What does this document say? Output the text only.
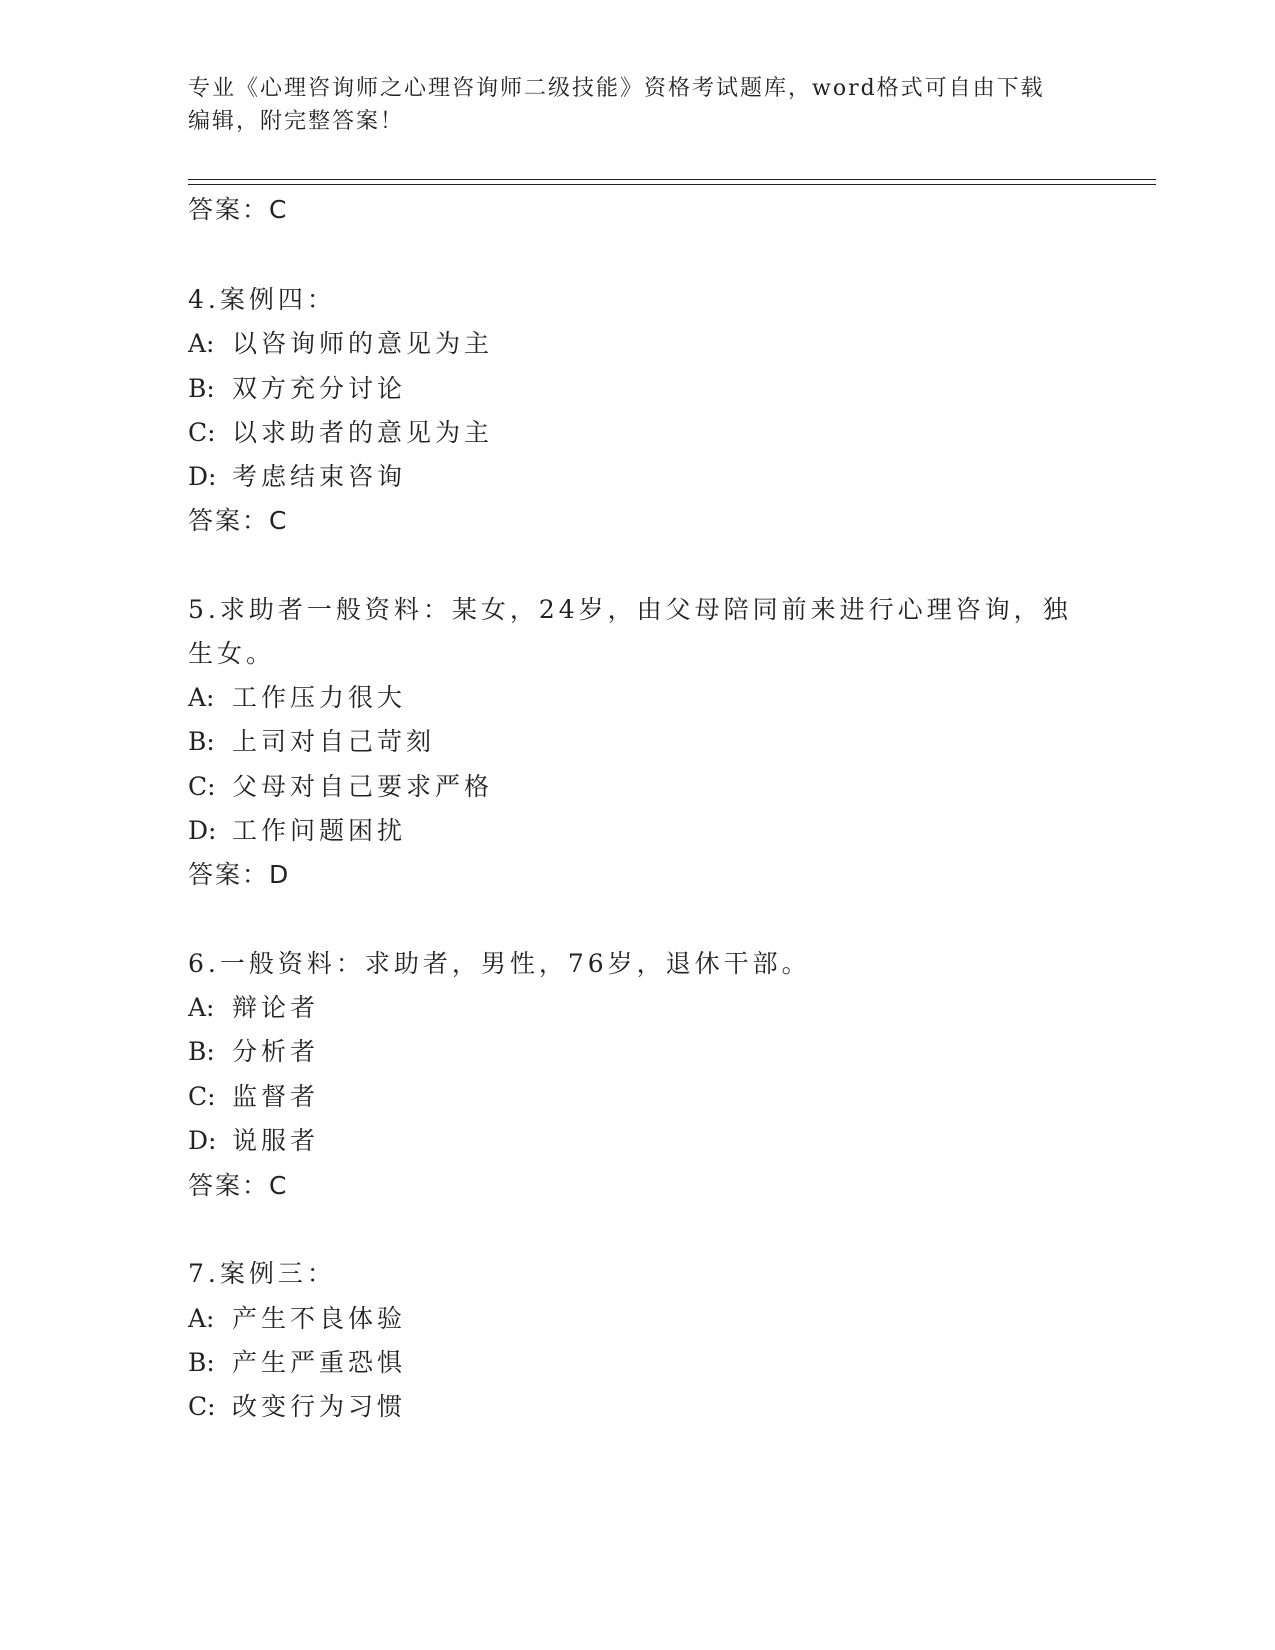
专业《心理咨询师之心理咨询师二级技能》资格考试题库，word格式可自由下载
编辑，附完整答案！
答案：C
4.案例四：
A: 以咨询师的意见为主
B: 双方充分讨论
C: 以求助者的意见为主
D: 考虑结束咨询
答案：C
5.求助者一般资料：某女，24岁，由父母陪同前来进行心理咨询，独
生女。
A: 工作压力很大
B: 上司对自己苛刻
C: 父母对自己要求严格
D: 工作问题困扰
答案：D
6.一般资料：求助者，男性，76岁，退休干部。
A: 辩论者
B: 分析者
C: 监督者
D: 说服者
答案：C
7.案例三：
A: 产生不良体验
B: 产生严重恐惧
C: 改变行为习惯
